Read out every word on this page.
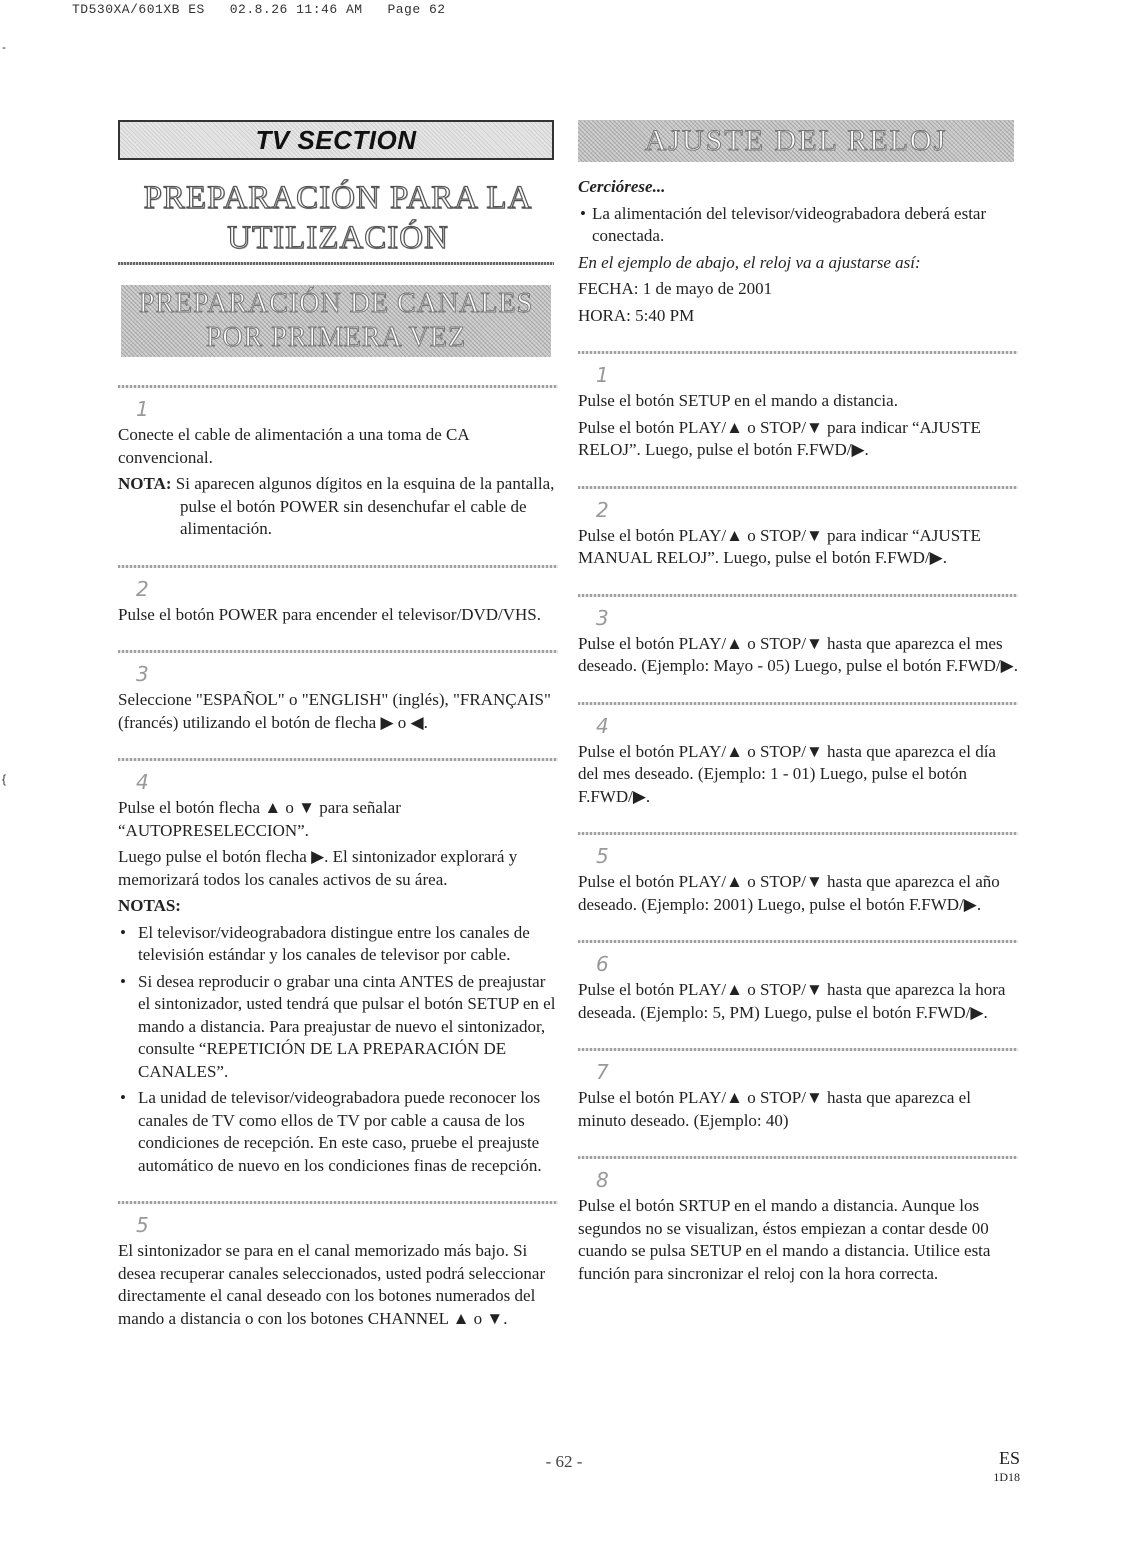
TD530XA/601XB ES   02.8.26 11:46 AM   Page 62
-
{
TV SECTION
PREPARACIÓN PARA LA
UTILIZACIÓN
PREPARACIÓN DE CANALES
POR PRIMERA VEZ
1

Conecte el cable de alimentación a una toma de CA convencional.

NOTA: Si aparecen algunos dígitos en la esquina de la pantalla, pulse el botón POWER sin desenchufar el cable de alimentación.

2

Pulse el botón POWER para encender el televisor/DVD/VHS.

3

Seleccione "ESPAÑOL" o "ENGLISH" (inglés), "FRANÇAIS" (francés) utilizando el botón de flecha ▶ o ◀.

4

Pulse el botón flecha ▲ o ▼ para señalar “AUTOPRESELECCION”.

Luego pulse el botón flecha ▶. El sintonizador explorará y memorizará todos los canales activos de su área.

NOTAS:

• El televisor/videograbadora distingue entre los canales de televisión estándar y los canales de televisor por cable.
• Si desea reproducir o grabar una cinta ANTES de preajustar el sintonizador, usted tendrá que pulsar el botón SETUP en el mando a distancia. Para preajustar de nuevo el sintonizador, consulte “REPETICIÓN DE LA PREPARACIÓN DE CANALES”.
• La unidad de televisor/videograbadora puede reconocer los canales de TV como ellos de TV por cable a causa de los condiciones de recepción. En este caso, pruebe el preajuste automático de nuevo en los condiciones finas de recepción.
5

El sintonizador se para en el canal memorizado más bajo. Si desea recuperar canales seleccionados, usted podrá seleccionar directamente el canal deseado con los botones numerados del mando a distancia o con los botones CHANNEL ▲ o ▼.

AJUSTE DEL RELOJ

Cerciórese...

• La alimentación del televisor/videograbadora deberá estar conectada.

En el ejemplo de abajo, el reloj va a ajustarse así:

FECHA: 1 de mayo de 2001

HORA: 5:40 PM

1

Pulse el botón SETUP en el mando a distancia.

Pulse el botón PLAY/▲ o STOP/▼ para indicar “AJUSTE RELOJ”. Luego, pulse el botón F.FWD/▶.

2

Pulse el botón PLAY/▲ o STOP/▼ para indicar “AJUSTE MANUAL RELOJ”. Luego, pulse el botón F.FWD/▶.

3

Pulse el botón PLAY/▲ o STOP/▼ hasta que aparezca el mes deseado. (Ejemplo: Mayo - 05) Luego, pulse el botón F.FWD/▶.

4

Pulse el botón PLAY/▲ o STOP/▼ hasta que aparezca el día del mes deseado. (Ejemplo: 1 - 01) Luego, pulse el botón F.FWD/▶.

5

Pulse el botón PLAY/▲ o STOP/▼ hasta que aparezca el año deseado. (Ejemplo: 2001) Luego, pulse el botón F.FWD/▶.

6

Pulse el botón PLAY/▲ o STOP/▼ hasta que aparezca la hora deseada. (Ejemplo: 5, PM) Luego, pulse el botón F.FWD/▶.

7

Pulse el botón PLAY/▲ o STOP/▼ hasta que aparezca el minuto deseado. (Ejemplo: 40)

8

Pulse el botón SRTUP en el mando a distancia. Aunque los segundos no se visualizan, éstos empiezan a contar desde 00 cuando se pulsa SETUP en el mando a distancia. Utilice esta función para sincronizar el reloj con la hora correcta.

- 62 -	ES
1D18
